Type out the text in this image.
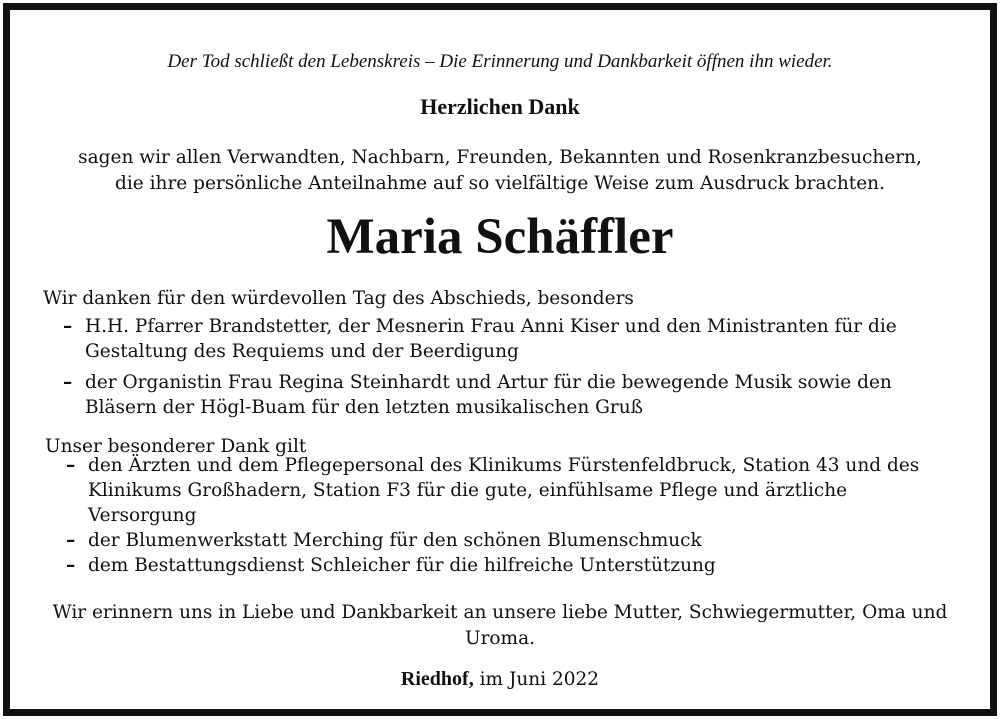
Der Tod schließt den Lebenskreis – Die Erinnerung und Dankbarkeit öffnen ihn wieder.

Herzlichen Dank

sagen wir allen Verwandten, Nachbarn, Freunden, Bekannten und Rosenkranzbesuchern,
die ihre persönliche Anteilnahme auf so vielfältige Weise zum Ausdruck brachten.

Maria Schäffler

Wir danken für den würdevollen Tag des Abschieds, besonders

– H.H. Pfarrer Brandstetter, der Mesnerin Frau Anni Kiser und den Ministranten für die Gestaltung des Requiems und der Beerdigung
– der Organistin Frau Regina Steinhardt und Artur für die bewegende Musik sowie den Bläsern der Högl-Buam für den letzten musikalischen Gruß

Unser besonderer Dank gilt

– den Ärzten und dem Pflegepersonal des Klinikums Fürstenfeldbruck, Station 43 und des Klinikums Großhadern, Station F3 für die gute, einfühlsame Pflege und ärztliche Versorgung
– der Blumenwerkstatt Merching für den schönen Blumenschmuck
– dem Bestattungsdienst Schleicher für die hilfreiche Unterstützung

Wir erinnern uns in Liebe und Dankbarkeit an unsere liebe Mutter, Schwiegermutter, Oma und Uroma.

Riedhof, im Juni 2022
